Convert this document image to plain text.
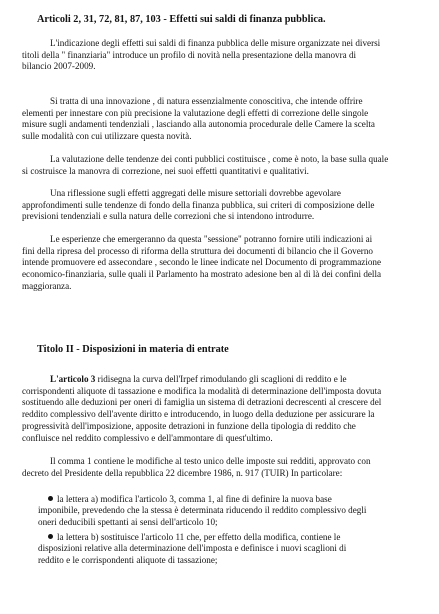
Articoli 2, 31, 72, 81, 87, 103 - Effetti sui saldi di finanza pubblica.
L'indicazione degli effetti sui saldi di finanza pubblica delle misure organizzate nei diversi
titoli della " finanziaria" introduce un profilo di novità nella presentazione della manovra di
bilancio 2007-2009.
Si tratta di una innovazione , di natura essenzialmente conoscitiva, che intende offrire
elementi per innestare con più precisione la valutazione degli effetti di correzione delle singole
misure sugli andamenti tendenziali , lasciando alla autonomia procedurale delle Camere la scelta
sulle modalità con cui utilizzare questa novità.
La valutazione delle tendenze dei conti pubblici costituisce , come è noto, la base sulla quale
si costruisce la manovra di correzione, nei suoi effetti quantitativi e qualitativi.
Una riflessione sugli effetti aggregati delle misure settoriali dovrebbe agevolare
approfondimenti sulle tendenze di fondo della finanza pubblica, sui criteri di composizione delle
previsioni tendenziali e sulla natura delle correzioni che si intendono introdurre.
Le esperienze che emergeranno da questa "sessione" potranno fornire utili indicazioni ai
fini della ripresa del processo di riforma della struttura dei documenti di bilancio che il Governo
intende promuovere ed assecondare , secondo le linee indicate nel Documento di programmazione
economico-finanziaria, sulle quali il Parlamento ha mostrato adesione ben al di là dei confini della
maggioranza.
Titolo II - Disposizioni in materia di entrate
L'articolo 3 ridisegna la curva dell'Irpef rimodulando gli scaglioni di reddito e le
corrispondenti aliquote di tassazione e modifica la modalità di determinazione dell'imposta dovuta
sostituendo alle deduzioni per oneri di famiglia un sistema di detrazioni decrescenti al crescere del
reddito complessivo dell'avente diritto e introducendo, in luogo della deduzione per assicurare la
progressività dell'imposizione, apposite detrazioni in funzione della tipologia di reddito che
confluisce nel reddito complessivo e dell'ammontare di quest'ultimo.
Il comma 1 contiene le modifiche al testo unico delle imposte sui redditi, approvato con
decreto del Presidente della repubblica 22 dicembre 1986, n. 917 (TUIR) In particolare:
la lettera a) modifica l'articolo 3, comma 1, al fine di definire la nuova base
imponibile, prevedendo che la stessa è determinata riducendo il reddito complessivo degli
oneri deducibili spettanti ai sensi dell'articolo 10;
la lettera b) sostituisce l'articolo 11 che, per effetto della modifica, contiene le
disposizioni relative alla determinazione dell'imposta e definisce i nuovi scaglioni di
reddito e le corrispondenti aliquote di tassazione;
